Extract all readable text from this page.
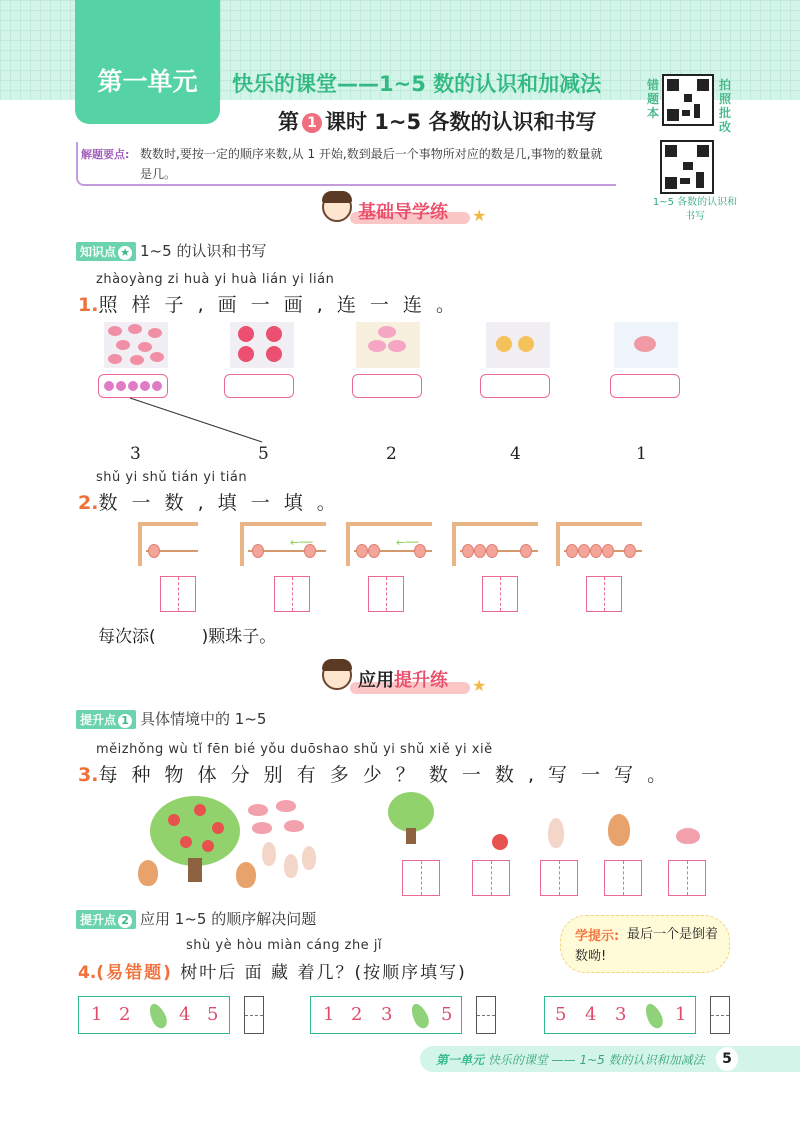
第一单元	快乐的课堂——1~5 数的认识和加减法
第 1 课时 1~5 各数的认识和书写
错题本
拍照批改
1~5 各数的认识和书写
解题要点: 数数时,要按一定的顺序来数,从 1 开始,数到最后一个事物所对应的数是几,事物的数量就是几。
基础导学练 ★
知识点 ★ 1~5 的认识和书写
zhàoyàng zi huà yi huà lián yi lián
1.照 样 子 , 画 一 画 , 连 一 连 。
3	5	2	4	1
shǔ yi shǔ tián yi tián
2.数 一 数 , 填 一 填 。
←──	←──
每次添(	)颗珠子。
应用提升练 ★
提升点 1 具体情境中的 1~5
měizhǒng wù tǐ fēn bié yǒu duōshao shǔ yi shǔ xiě yi xiě
3.每 种 物 体 分 别 有 多 少 ？ 数 一 数 , 写 一 写 。
提升点 2 应用 1~5 的顺序解决问题
学提示: 最后一个是倒着数呦!
shù yè hòu miàn cáng zhe jǐ
4.(易错题) 树叶后 面 藏 着几？(按顺序填写)
1 2	4 5	1 2 3	5	5 4 3	1
第一单元 快乐的课堂 —— 1~5 数的认识和加减法	5
